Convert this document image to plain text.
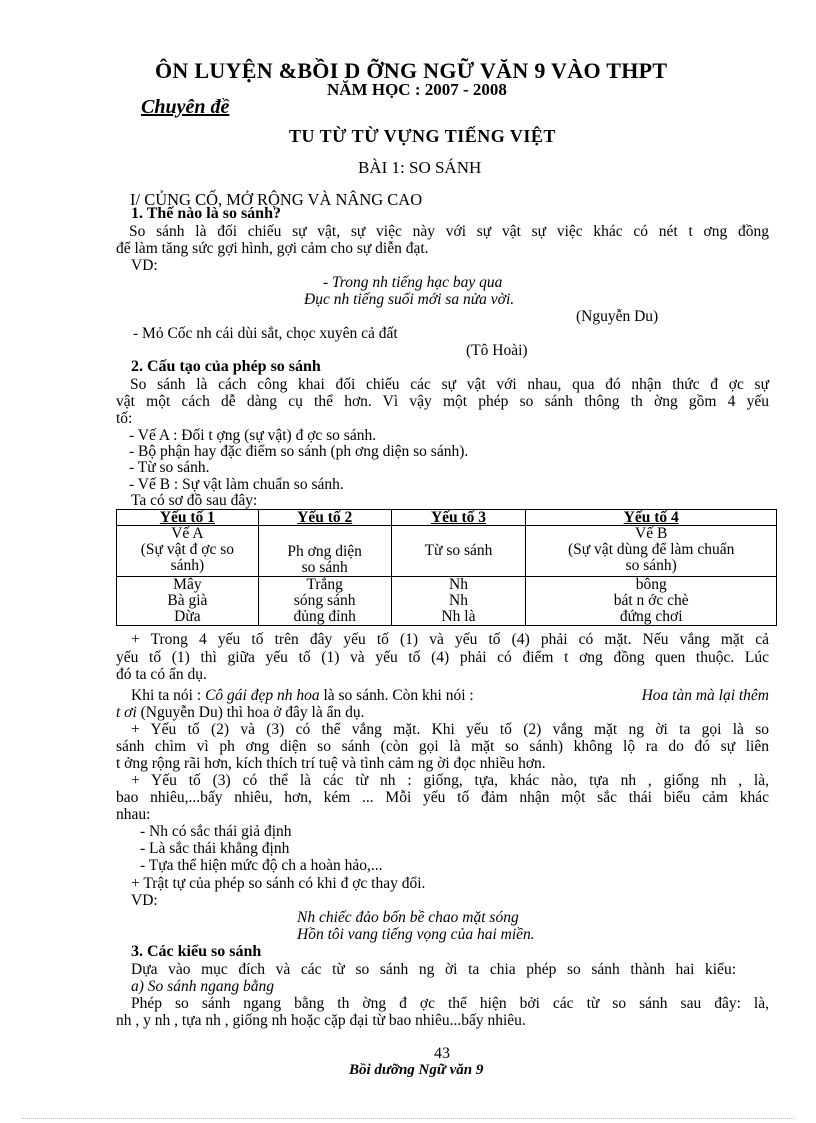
ÔN LUYỆN &BỒI D ỠNG NGỮ VĂN 9 VÀO THPT
NĂM HỌC : 2007 - 2008
Chuyên đề
TU TỪ TỪ VỰNG TIẾNG VIỆT
BÀI 1: SO SÁNH
I/ CỦNG CỐ, MỞ RỘNG VÀ NÂNG CAO
1. Thế nào là so sánh?
So sánh là đối chiếu sự vật, sự việc này với sự vật sự việc khác có nét t ơng đồng
để làm tăng sức gợi hình, gợi cảm cho sự diễn đạt.
VD:
- Trong nh tiếng hạc bay qua
Đục nh tiếng suối mới sa nửa vời.
(Nguyễn Du)
- Mỏ Cốc nh cái dùi sắt, chọc xuyên cả đất
(Tô Hoài)
2. Cấu tạo của phép so sánh
So sánh là cách công khai đối chiếu các sự vật với nhau, qua đó nhận thức đ ợc sự
vật một cách dễ dàng cụ thể hơn. Vì vậy một phép so sánh thông th ờng gồm 4 yếu
tố:
- Vế A : Đối t ợng (sự vật) đ ợc so sánh.
- Bộ phận hay đặc điểm so sánh (ph ơng diện so sánh).
- Từ so sánh.
- Vế B : Sự vật làm chuẩn so sánh.
Ta có sơ đồ sau đây:
Yếu tố 1	Yếu tố 2	Yếu tố 3	Yếu tố 4
Vế A
(Sự vật đ ợc so
sánh)	Ph ơng diện
so sánh	Từ so sánh	Vế B
(Sự vật dùng để làm chuẩn
so sánh)
Mây
Bà già
Dừa	Trắng
sóng sánh
đủng đỉnh	Nh
Nh
Nh là	bông
bát n ớc chè
đứng chơi
+ Trong 4 yếu tố trên đây yếu tố (1) và yếu tố (4) phải có mặt. Nếu vắng mặt cả
yếu tố (1) thì giữa yếu tố (1) và yếu tố (4) phải có điểm t ơng đồng quen thuộc. Lúc
đó ta có ẩn dụ.
Khi ta nói : Cô gái đẹp nh hoa là so sánh. Còn khi nói :	Hoa tàn mà lại thêm
t ơi (Nguyễn Du) thì hoa ở đây là ẩn dụ.
+ Yếu tố (2) và (3) có thể vắng mặt. Khi yếu tố (2) vắng mặt ng ời ta gọi là so
sánh chìm vì ph ơng diện so sánh (còn gọi là mặt so sánh) không lộ ra do đó sự liên
t ởng rộng rãi hơn, kích thích trí tuệ và tình cảm ng ời đọc nhiều hơn.
+ Yếu tố (3) có thể là các từ nh : giống, tựa, khác nào, tựa nh , giống nh , là,
bao nhiêu,...bấy nhiêu, hơn, kém ... Mỗi yếu tố đảm nhận một sắc thái biểu cảm khác
nhau:
- Nh có sắc thái giả định
- Là sắc thái khẳng định
- Tựa thể hiện mức độ ch a hoàn hảo,...
+ Trật tự của phép so sánh có khi đ ợc thay đổi.
VD:
Nh chiếc đảo bốn bề chao mặt sóng
Hồn tôi vang tiếng vọng của hai miền.
3. Các kiểu so sánh
Dựa vào mục đích và các từ so sánh ng ời ta chia phép so sánh thành hai kiểu:
a) So sánh ngang bằng
Phép so sánh ngang bằng th ờng đ ợc thể hiện bởi các từ so sánh sau đây: là,
nh , y nh , tựa nh , giống nh hoặc cặp đại từ bao nhiêu...bấy nhiêu.
43
Bồi dưỡng Ngữ văn 9
